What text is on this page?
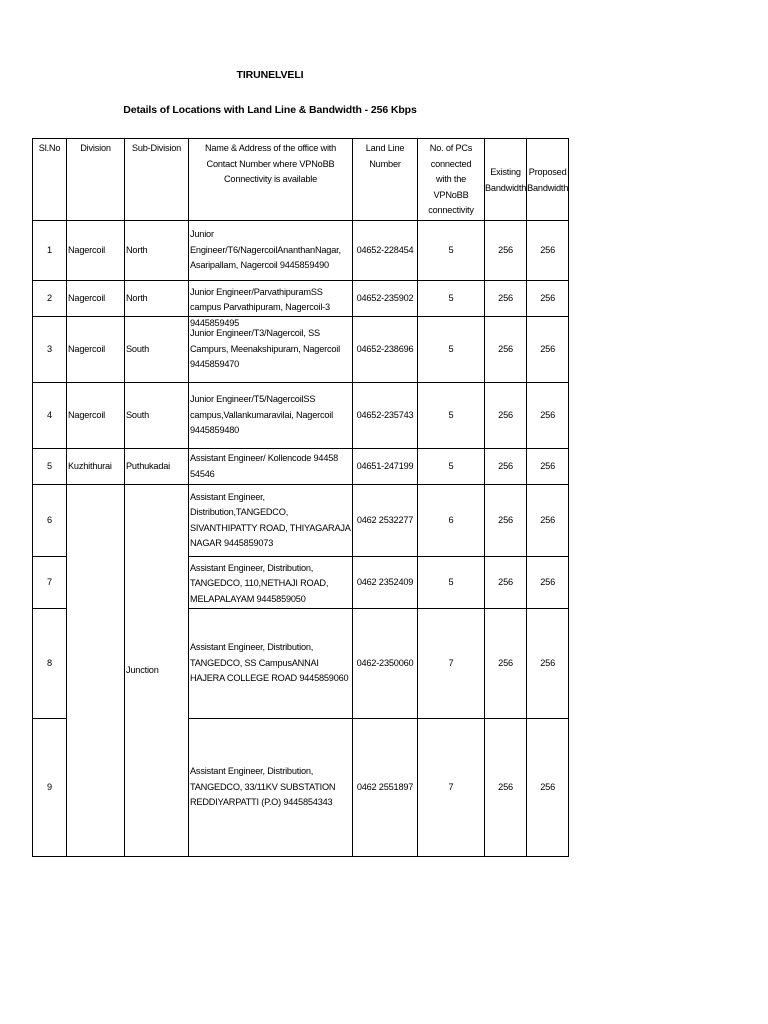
TIRUNELVELI
Details of Locations with Land Line & Bandwidth - 256 Kbps
Sl.No	Division	Sub-Division	Name & Address of the office with Contact Number where VPNoBB Connectivity is available	Land Line Number	No. of PCs connected with the VPNoBB connectivity	Existing Bandwidth	Proposed Bandwidth
1	Nagercoil	North	Junior Engineer/T6/NagercoilAnanthanNagar, Asaripallam, Nagercoil 9445859490	04652-228454	5	256	256
2	Nagercoil	North	Junior Engineer/ParvathipuramSS campus Parvathipuram, Nagercoil-3 9445859495	04652-235902	5	256	256
3	Nagercoil	South	Junior Engineer/T3/Nagercoil, SS Campurs, Meenakshipuram, Nagercoil 9445859470	04652-238696	5	256	256
4	Nagercoil	South	Junior Engineer/T5/NagercoilSS campus,Vallankumaravilai, Nagercoil 9445859480	04652-235743	5	256	256
5	Kuzhithurai	Puthukadai	Assistant Engineer/ Kollencode 94458 54546	04651-247199	5	256	256
6		Junction	Assistant Engineer, Distribution,TANGEDCO, SIVANTHIPATTY ROAD, THIYAGARAJA NAGAR 9445859073	0462 2532277	6	256	256
7			Assistant Engineer, Distribution, TANGEDCO, 110,NETHAJI ROAD, MELAPALAYAM 9445859050	0462 2352409	5	256	256
8			Assistant Engineer, Distribution, TANGEDCO, SS CampusANNAI HAJERA COLLEGE ROAD 9445859060	0462-2350060	7	256	256
9			Assistant Engineer, Distribution, TANGEDCO, 33/11KV SUBSTATION REDDIYARPATTI (P.O) 9445854343	0462 2551897	7	256	256
